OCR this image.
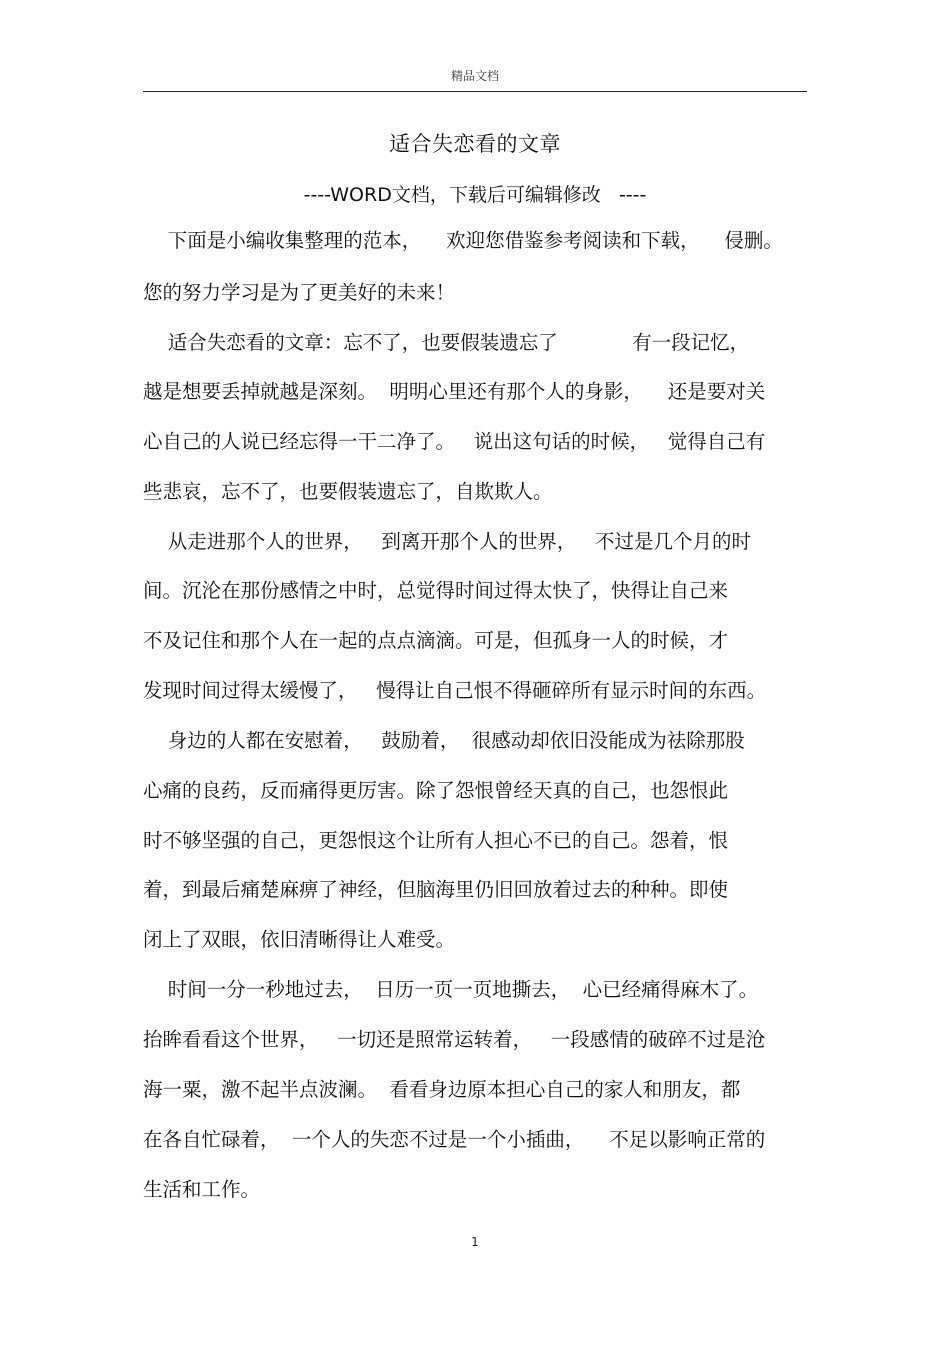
精品文档
适合失恋看的文章
----WORD文档，下载后可编辑修改   ----
下面是小编收集整理的范本，    欢迎您借鉴参考阅读和下载，    侵删。
您的努力学习是为了更美好的未来！
适合失恋看的文章：忘不了，也要假装遗忘了            有一段记忆，
越是想要丢掉就越是深刻。  明明心里还有那个人的身影，    还是要对关
心自己的人说已经忘得一干二净了。   说出这句话的时候，   觉得自己有
些悲哀，忘不了，也要假装遗忘了，自欺欺人。
从走进那个人的世界，   到离开那个人的世界，   不过是几个月的时
间。沉沦在那份感情之中时，总觉得时间过得太快了，快得让自己来
不及记住和那个人在一起的点点滴滴。可是，但孤身一人的时候，才
发现时间过得太缓慢了，   慢得让自己恨不得砸碎所有显示时间的东西。
身边的人都在安慰着，   鼓励着，  很感动却依旧没能成为祛除那股
心痛的良药，反而痛得更厉害。除了怨恨曾经天真的自己，也怨恨此
时不够坚强的自己，更怨恨这个让所有人担心不已的自己。怨着，恨
着，到最后痛楚麻痹了神经，但脑海里仍旧回放着过去的种种。即使
闭上了双眼，依旧清晰得让人难受。
时间一分一秒地过去，  日历一页一页地撕去，  心已经痛得麻木了。
抬眸看看这个世界，   一切还是照常运转着，   一段感情的破碎不过是沧
海一粟，激不起半点波澜。  看看身边原本担心自己的家人和朋友，都
在各自忙碌着，  一个人的失恋不过是一个小插曲，    不足以影响正常的
生活和工作。
1
